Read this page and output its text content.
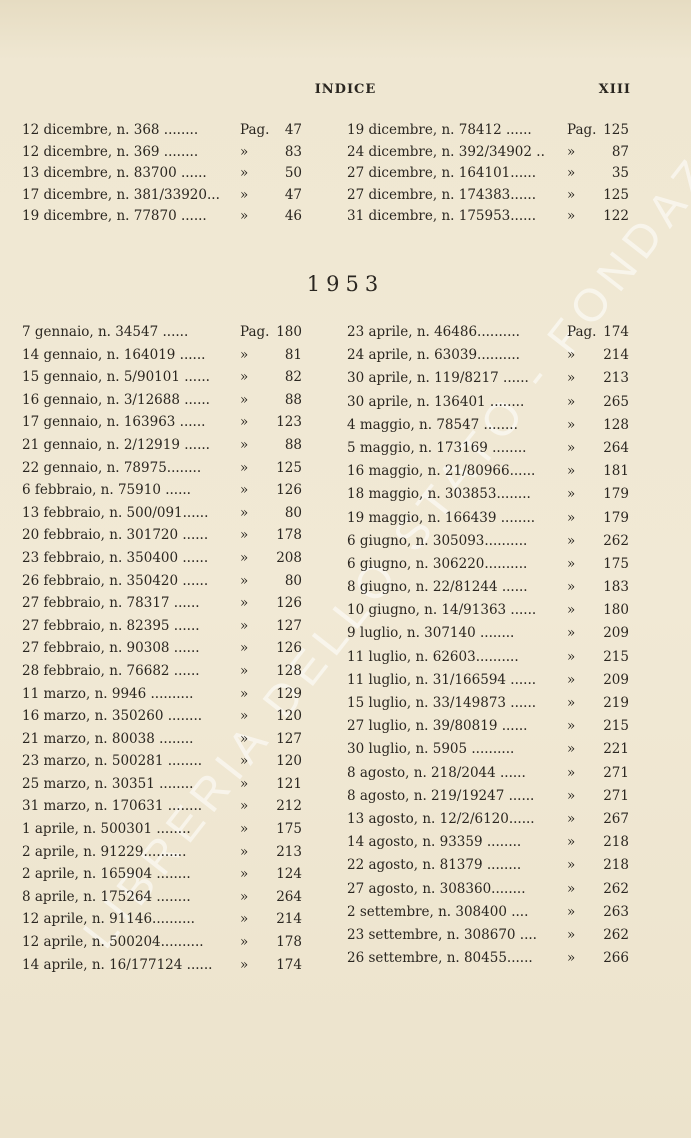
INDICE	XIII
12 dicembre, n. 368 ........	Pag. 47
12 dicembre, n. 369 ........	»	83
13 dicembre, n. 83700 ...... »	50
17 dicembre, n. 381/33920... »	47
19 dicembre, n. 77870 ...... »	46
19 dicembre, n. 78412 ......	Pag. 125
24 dicembre, n. 392/34902 .. »	87
27 dicembre, n. 164101...... »	35
27 dicembre, n. 174383...... » 125
31 dicembre, n. 175953...... » 122
1953
7 gennaio, n. 34547 ......	Pag. 180
14 gennaio, n. 164019 ......	»	81
15 gennaio, n. 5/90101 ...... »	82
16 gennaio, n. 3/12688 ...... »	88
17 gennaio, n. 163963 ......	» 123
21 gennaio, n. 2/12919 ...... »	88
22 gennaio, n. 78975........	» 125
6 febbraio, n. 75910 ......	» 126
13 febbraio, n. 500/091...... »	80
20 febbraio, n. 301720 ...... » 178
23 febbraio, n. 350400 ...... » 208
26 febbraio, n. 350420 ...... »	80
27 febbraio, n. 78317 ......	» 126
27 febbraio, n. 82395 ......	» 127
27 febbraio, n. 90308 ......	» 126
28 febbraio, n. 76682 ......	» 128
11 marzo, n. 9946 ..........	» 129
16 marzo, n. 350260 ........	» 120
21 marzo, n. 80038 ........	» 127
23 marzo, n. 500281 ........	» 120
25 marzo, n. 30351 ........	» 121
31 marzo, n. 170631 ........	» 212
1 aprile, n. 500301 ........	» 175
2 aprile, n. 91229..........	» 213
2 aprile, n. 165904 ........	» 124
8 aprile, n. 175264 ........	» 264
12 aprile, n. 91146..........	» 214
12 aprile, n. 500204..........	» 178
14 aprile, n. 16/177124 ...... » 174
23 aprile, n. 46486..........	Pag. 174
24 aprile, n. 63039..........	» 214
30 aprile, n. 119/8217 ......	» 213
30 aprile, n. 136401 ........	» 265
4 maggio, n. 78547 ........	» 128
5 maggio, n. 173169 ........	» 264
16 maggio, n. 21/80966...... » 181
18 maggio, n. 303853........	» 179
19 maggio, n. 166439 ........ » 179
6 giugno, n. 305093..........	» 262
6 giugno, n. 306220..........	» 175
8 giugno, n. 22/81244 ......	» 183
10 giugno, n. 14/91363 ...... » 180
9 luglio, n. 307140 ........	» 209
11 luglio, n. 62603..........	» 215
11 luglio, n. 31/166594 ...... » 209
15 luglio, n. 33/149873 ...... » 219
27 luglio, n. 39/80819 ......	» 215
30 luglio, n. 5905 ..........	» 221
8 agosto, n. 218/2044 ......	» 271
8 agosto, n. 219/19247 ...... » 271
13 agosto, n. 12/2/6120...... » 267
14 agosto, n. 93359 ........	» 218
22 agosto, n. 81379 ........	» 218
27 agosto, n. 308360........	» 262
2 settembre, n. 308400 ....	» 263
23 settembre, n. 308670 .... » 262
26 settembre, n. 80455......	» 266
